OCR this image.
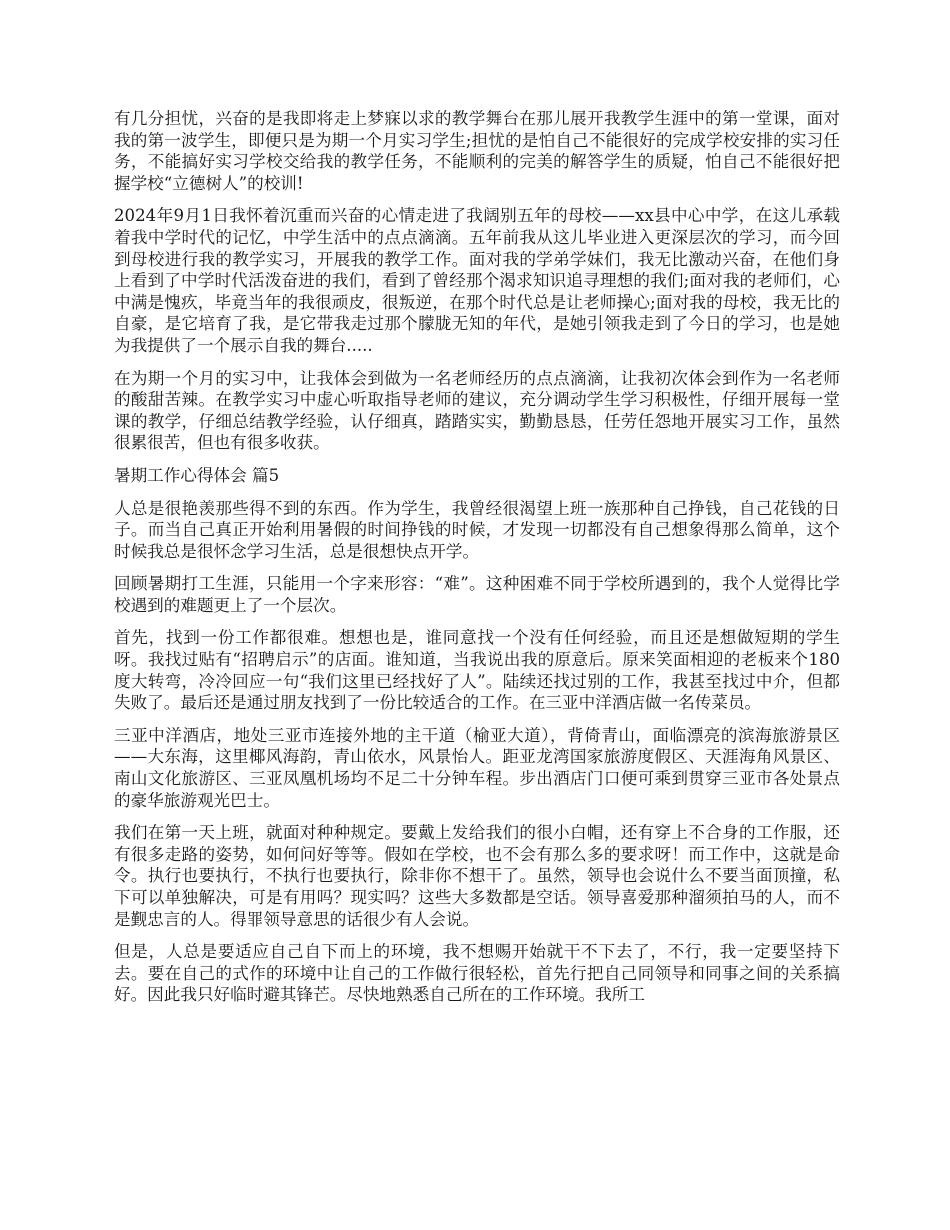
有几分担忧，兴奋的是我即将走上梦寐以求的教学舞台在那儿展开我教学生涯中的第一堂课，面对我的第一波学生，即便只是为期一个月实习学生;担忧的是怕自己不能很好的完成学校安排的实习任务，不能搞好实习学校交给我的教学任务，不能顺利的完美的解答学生的质疑，怕自己不能很好把握学校“立德树人”的校训!

2024年9月1日我怀着沉重而兴奋的心情走进了我阔别五年的母校——xx县中心中学，在这儿承载着我中学时代的记忆，中学生活中的点点滴滴。五年前我从这儿毕业进入更深层次的学习，而今回到母校进行我的教学实习，开展我的教学工作。面对我的学弟学妹们，我无比激动兴奋，在他们身上看到了中学时代活泼奋进的我们，看到了曾经那个渴求知识追寻理想的我们;面对我的老师们，心中满是愧疚，毕竟当年的我很顽皮，很叛逆，在那个时代总是让老师操心;面对我的母校，我无比的自豪，是它培育了我，是它带我走过那个朦胧无知的年代，是她引领我走到了今日的学习，也是她为我提供了一个展示自我的舞台.....

在为期一个月的实习中，让我体会到做为一名老师经历的点点滴滴，让我初次体会到作为一名老师的酸甜苦辣。在教学实习中虚心听取指导老师的建议，充分调动学生学习积极性，仔细开展每一堂课的教学，仔细总结教学经验，认仔细真，踏踏实实，勤勤恳恳，任劳任怨地开展实习工作，虽然很累很苦，但也有很多收获。

暑期工作心得体会 篇5

人总是很艳羡那些得不到的东西。作为学生，我曾经很渴望上班一族那种自己挣钱，自己花钱的日子。而当自己真正开始利用暑假的时间挣钱的时候，才发现一切都没有自己想象得那么简单，这个时候我总是很怀念学习生活，总是很想快点开学。

回顾暑期打工生涯，只能用一个字来形容：“难”。这种困难不同于学校所遇到的，我个人觉得比学校遇到的难题更上了一个层次。

首先，找到一份工作都很难。想想也是，谁同意找一个没有任何经验，而且还是想做短期的学生呀。我找过贴有“招聘启示”的店面。谁知道，当我说出我的原意后。原来笑面相迎的老板来个180度大转弯，冷冷回应一句“我们这里已经找好了人”。陆续还找过别的工作，我甚至找过中介，但都失败了。最后还是通过朋友找到了一份比较适合的工作。在三亚中洋酒店做一名传菜员。

三亚中洋酒店，地处三亚市连接外地的主干道（榆亚大道），背倚青山，面临漂亮的滨海旅游景区——大东海，这里椰风海韵，青山依水，风景怡人。距亚龙湾国家旅游度假区、天涯海角风景区、南山文化旅游区、三亚凤凰机场均不足二十分钟车程。步出酒店门口便可乘到贯穿三亚市各处景点的豪华旅游观光巴士。

我们在第一天上班，就面对种种规定。要戴上发给我们的很小白帽，还有穿上不合身的工作服，还有很多走路的姿势，如何问好等等。假如在学校，也不会有那么多的要求呀！而工作中，这就是命令。执行也要执行，不执行也要执行，除非你不想干了。虽然，领导也会说什么不要当面顶撞，私下可以单独解决，可是有用吗？现实吗？这些大多数都是空话。领导喜爱那种溜须拍马的人，而不是觐忠言的人。得罪领导意思的话很少有人会说。

但是，人总是要适应自己自下而上的环境，我不想赐开始就干不下去了，不行，我一定要坚持下去。要在自己的式作的环境中让自己的工作做行很轻松，首先行把自己同领导和同事之间的关系搞好。因此我只好临时避其锋芒。尽快地熟悉自己所在的工作环境。我所工
